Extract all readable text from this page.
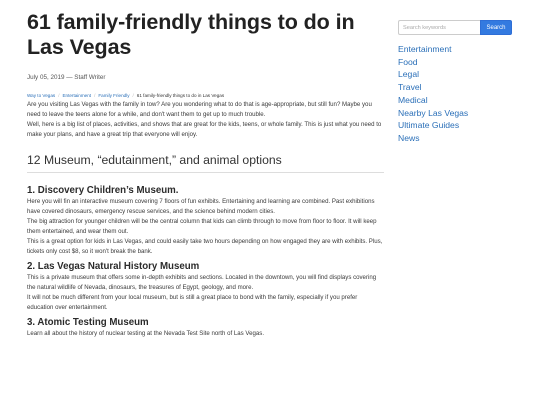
61 family-friendly things to do in Las Vegas
July 05, 2019 — Staff Writer
Way to Vegas / Entertainment / Family Friendly / 61 family-friendly things to do in Las Vegas

Are you visiting Las Vegas with the family in tow? Are you wondering what to do that is age-appropriate, but still fun? Maybe you need to leave the teens alone for a while, and don't want them to get up to much trouble.

Well, here is a big list of places, activities, and shows that are great for the kids, teens, or whole family. This is just what you need to make your plans, and have a great trip that everyone will enjoy.

12 Museum, “edutainment,” and animal options
1. Discovery Children’s Museum.

Here you will fin an interactive museum covering 7 floors of fun exhibits. Entertaining and learning are combined. Past exhibitions have covered dinosaurs, emergency rescue services, and the science behind modern cities.

The big attraction for younger children will be the central column that kids can climb through to move from floor to floor. It will keep them entertained, and wear them out.

This is a great option for kids in Las Vegas, and could easily take two hours depending on how engaged they are with exhibits. Plus, tickets only cost $8, so it won't break the bank.

2. Las Vegas Natural History Museum

This is a private museum that offers some in-depth exhibits and sections. Located in the downtown, you will find displays covering the natural wildlife of Nevada, dinosaurs, the treasures of Egypt, geology, and more.

It will not be much different from your local museum, but is still a great place to bond with the family, especially if you prefer education over entertainment.

3. Atomic Testing Museum

Learn all about the history of nuclear testing at the Nevada Test Site north of Las Vegas.

Search keywords
Search
Entertainment
Food
Legal
Travel
Medical
Nearby Las Vegas
Ultimate Guides
News
